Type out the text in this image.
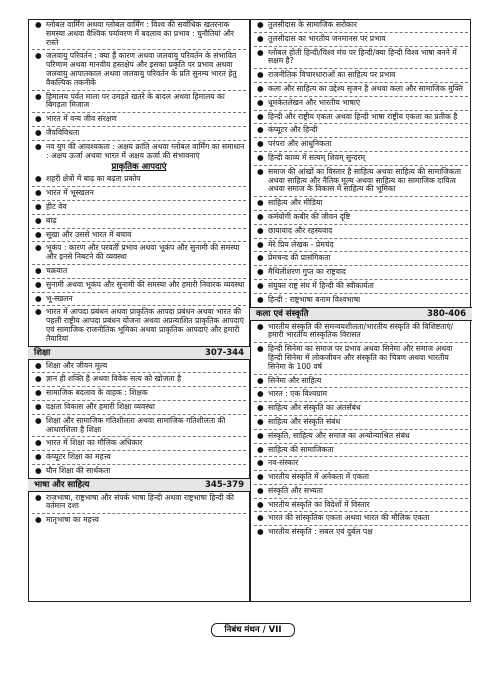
● ग्लोबल वार्मिंग अथवा ग्लोबल वार्मिंग : विश्व की सर्वाधिक खतरनाक समस्या अथवा वैश्विक पर्यावरण में बदलाव का प्रभाव : चुनौतियां और रास्ते
● जलवायु परिवर्तन : क्या हैं कारण अथवा जलवायु परिवर्तन के संभावित परिणाम अथवा मानवीय हस्तक्षेप और इसका प्रकृति पर प्रभाव अथवा जलवायु आपातकाल अथवा जलवायु परिवर्तन के प्रति सुनम्य भारत हेतु वैकल्पिक तकनीकें
● हिमालय पर्वत माला पर उमड़ते खतरे के बादल अथवा हिमालय का बिगड़ता मिजाज
● भारत में वन्य जीव संरक्षण
● जैवविविधता
● नव युग की आवश्यकता : अक्षय क्रांति अथवा ग्लोबल वार्मिंग का समाधान : अक्षय ऊर्जा अथवा भारत में अक्षय ऊर्जा की संभावनाएं
प्राकृतिक आपदाएं
● शहरी क्षेत्रों में बाढ़ का बढ़ता प्रकोप
● भारत में भूस्खलन
● हीट वेव
● बाढ़
● सूखा और उससे भारत में बचाव
● भूकंप : कारण और परवर्ती प्रभाव अथवा भूकंप और सुनामी की समस्या और इनसे निबटने की व्यवस्था
● चक्रवात
● सुनामी अथवा भूकंप और सुनामी की समस्या और हमारी निवारक व्यवस्था
● भू-स्खलन
● भारत में आपदा प्रबंधन अथवा प्राकृतिक आपदा प्रबंधन अथवा भारत की पहली राष्ट्रीय आपदा प्रबंधन योजना अथवा अप्रत्याशित प्राकृतिक आपदाएं एवं सामाजिक राजनीतिक भूमिका अथवा प्राकृतिक आपदाएं और हमारी तैयारियां
शिक्षा	307-344
● शिक्षा और जीवन मूल्य
● ज्ञान ही शक्ति है अथवा विवेक सत्य को खोजता है
● सामाजिक बदलाव के वाहक : शिक्षक
● दक्षता विकास और हमारी शिक्षा व्यवस्था
● शिक्षा और सामाजिक गतिशीलता अथवा सामाजिक गतिशीलता की आधारशिला है शिक्षा
● भारत में शिक्षा का मौलिक अधिकार
● कंप्यूटर शिक्षा का महत्त्व
● यौन शिक्षा की सार्थकता
भाषा और साहित्य	345-379
● राजभाषा, राष्ट्रभाषा और संपर्क भाषा हिन्दी अथवा राष्ट्रभाषा हिन्दी की वर्तमान दशा
● मातृभाषा का महत्त्व
● तुलसीदास के सामाजिक सरोकार
● तुलसीदास का भारतीय जनमानस पर प्रभाव
● ग्लोबल होती हिन्दी/विश्व मंच पर हिन्दी/क्या हिन्दी विश्व भाषा बनने में सक्षम है?
● राजनीतिक विचारधाराओं का साहित्य पर प्रभाव
● कला और साहित्य का उद्देश्य सृजन है अथवा कला और सामाजिक मुक्ति
● धूमकेतलेखन और भारतीय भाषाएं
● हिन्दी और राष्ट्रीय एकता अथवा हिन्दी भाषा राष्ट्रीय एकता का प्रतीक है
● कंप्यूटर और हिन्दी
● परंपरा और आधुनिकता
● हिन्दी काव्य में सत्यम् शिवम् सुन्दरम्
● समाज की आंखों का विस्तार है साहित्य अथवा साहित्य की सामाजिकता अथवा साहित्य और नैतिक मूल्य अथवा साहित्य का सामाजिक दायित्व अथवा समाज के विकास में साहित्य की भूमिका
● साहित्य और मीडिया
● कर्मयोगी कबीर की जीवन दृष्टि
● छायावाद और रहस्यवाद
● मेरे प्रिय लेखक - प्रेमचंद
● प्रेमचन्द की प्रासंगिकता
● मैथिलीशरण गुप्त का राष्ट्रवाद
● संयुक्त राष्ट्र संघ में हिन्दी की स्वीकार्यता
● हिन्दी : राष्ट्रभाषा बनाम विश्वभाषा
कला एवं संस्कृति	380-406
● भारतीय संस्कृति की समन्वयशीलता/भारतीय संस्कृति की विशिष्टताएं/हमारी भारतीय सांस्कृतिक विरासत
● हिन्दी सिनेमा का समाज पर प्रभाव अथवा सिनेमा और समाज अथवा हिन्दी सिनेमा में लोकजीवन और संस्कृति का चित्रण अथवा भारतीय सिनेमा के 100 वर्ष
● सिनेमा और साहित्य
● भारत : एक विश्वग्राम
● साहित्य और संस्कृति का अंतर्संबंध
● साहित्य और संस्कृति संबंध
● संस्कृति, साहित्य और समाज का अन्योन्याश्रित संबंध
● साहित्य की सामाजिकता
● नव-संस्कार
● भारतीय संस्कृति में अनेकता में एकता
● संस्कृति और सभ्यता
● भारतीय संस्कृति का विदेशों में विस्तार
● भारत की सांस्कृतिक एकता अथवा भारत की मौलिक एकता
● भारतीय संस्कृति : सबल एवं दुर्बल पक्ष
निबंध मंथन / VII
